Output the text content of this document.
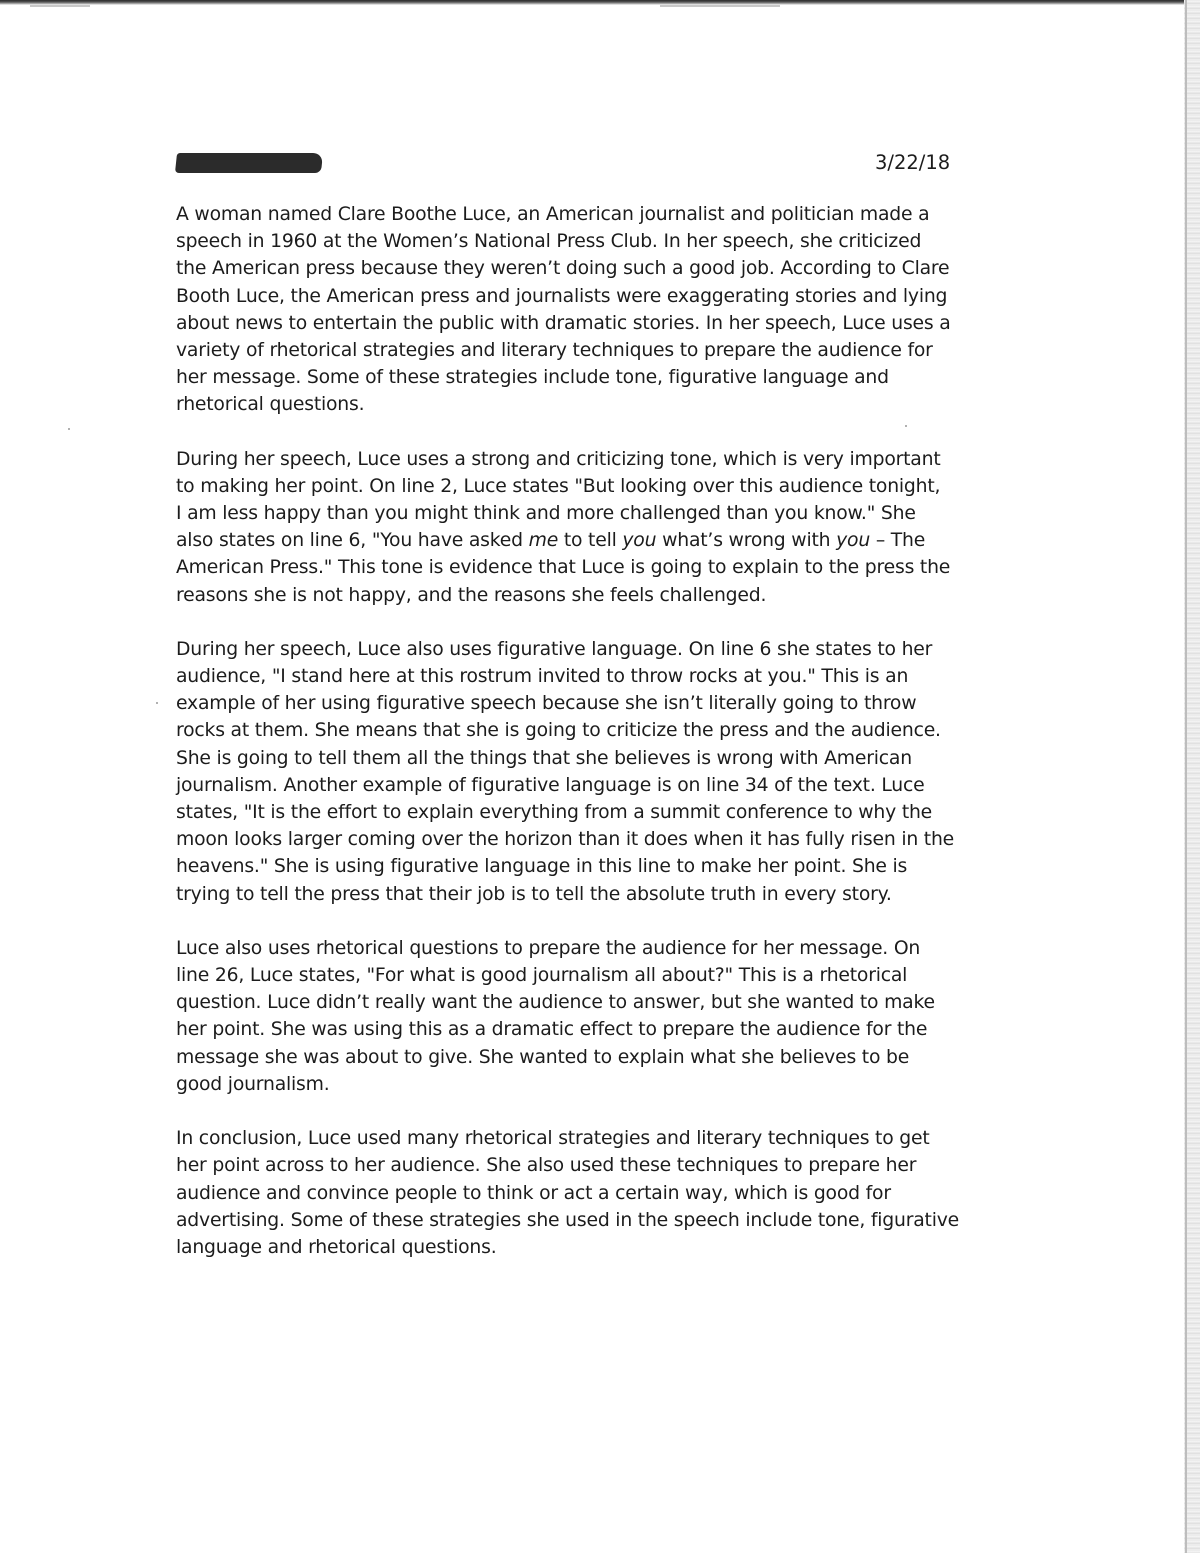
3/22/18
A woman named Clare Boothe Luce, an American journalist and politician made a
speech in 1960 at the Women’s National Press Club. In her speech, she criticized
the American press because they weren’t doing such a good job. According to Clare
Booth Luce, the American press and journalists were exaggerating stories and lying
about news to entertain the public with dramatic stories. In her speech, Luce uses a
variety of rhetorical strategies and literary techniques to prepare the audience for
her message. Some of these strategies include tone, figurative language and
rhetorical questions.
During her speech, Luce uses a strong and criticizing tone, which is very important
to making her point. On line 2, Luce states "But looking over this audience tonight,
I am less happy than you might think and more challenged than you know." She
also states on line 6, "You have asked me to tell you what’s wrong with you – The
American Press." This tone is evidence that Luce is going to explain to the press the
reasons she is not happy, and the reasons she feels challenged.
During her speech, Luce also uses figurative language. On line 6 she states to her
audience, "I stand here at this rostrum invited to throw rocks at you." This is an
example of her using figurative speech because she isn’t literally going to throw
rocks at them. She means that she is going to criticize the press and the audience.
She is going to tell them all the things that she believes is wrong with American
journalism. Another example of figurative language is on line 34 of the text. Luce
states, "It is the effort to explain everything from a summit conference to why the
moon looks larger coming over the horizon than it does when it has fully risen in the
heavens." She is using figurative language in this line to make her point. She is
trying to tell the press that their job is to tell the absolute truth in every story.
Luce also uses rhetorical questions to prepare the audience for her message. On
line 26, Luce states, "For what is good journalism all about?" This is a rhetorical
question. Luce didn’t really want the audience to answer, but she wanted to make
her point. She was using this as a dramatic effect to prepare the audience for the
message she was about to give. She wanted to explain what she believes to be
good journalism.
In conclusion, Luce used many rhetorical strategies and literary techniques to get
her point across to her audience. She also used these techniques to prepare her
audience and convince people to think or act a certain way, which is good for
advertising. Some of these strategies she used in the speech include tone, figurative
language and rhetorical questions.
